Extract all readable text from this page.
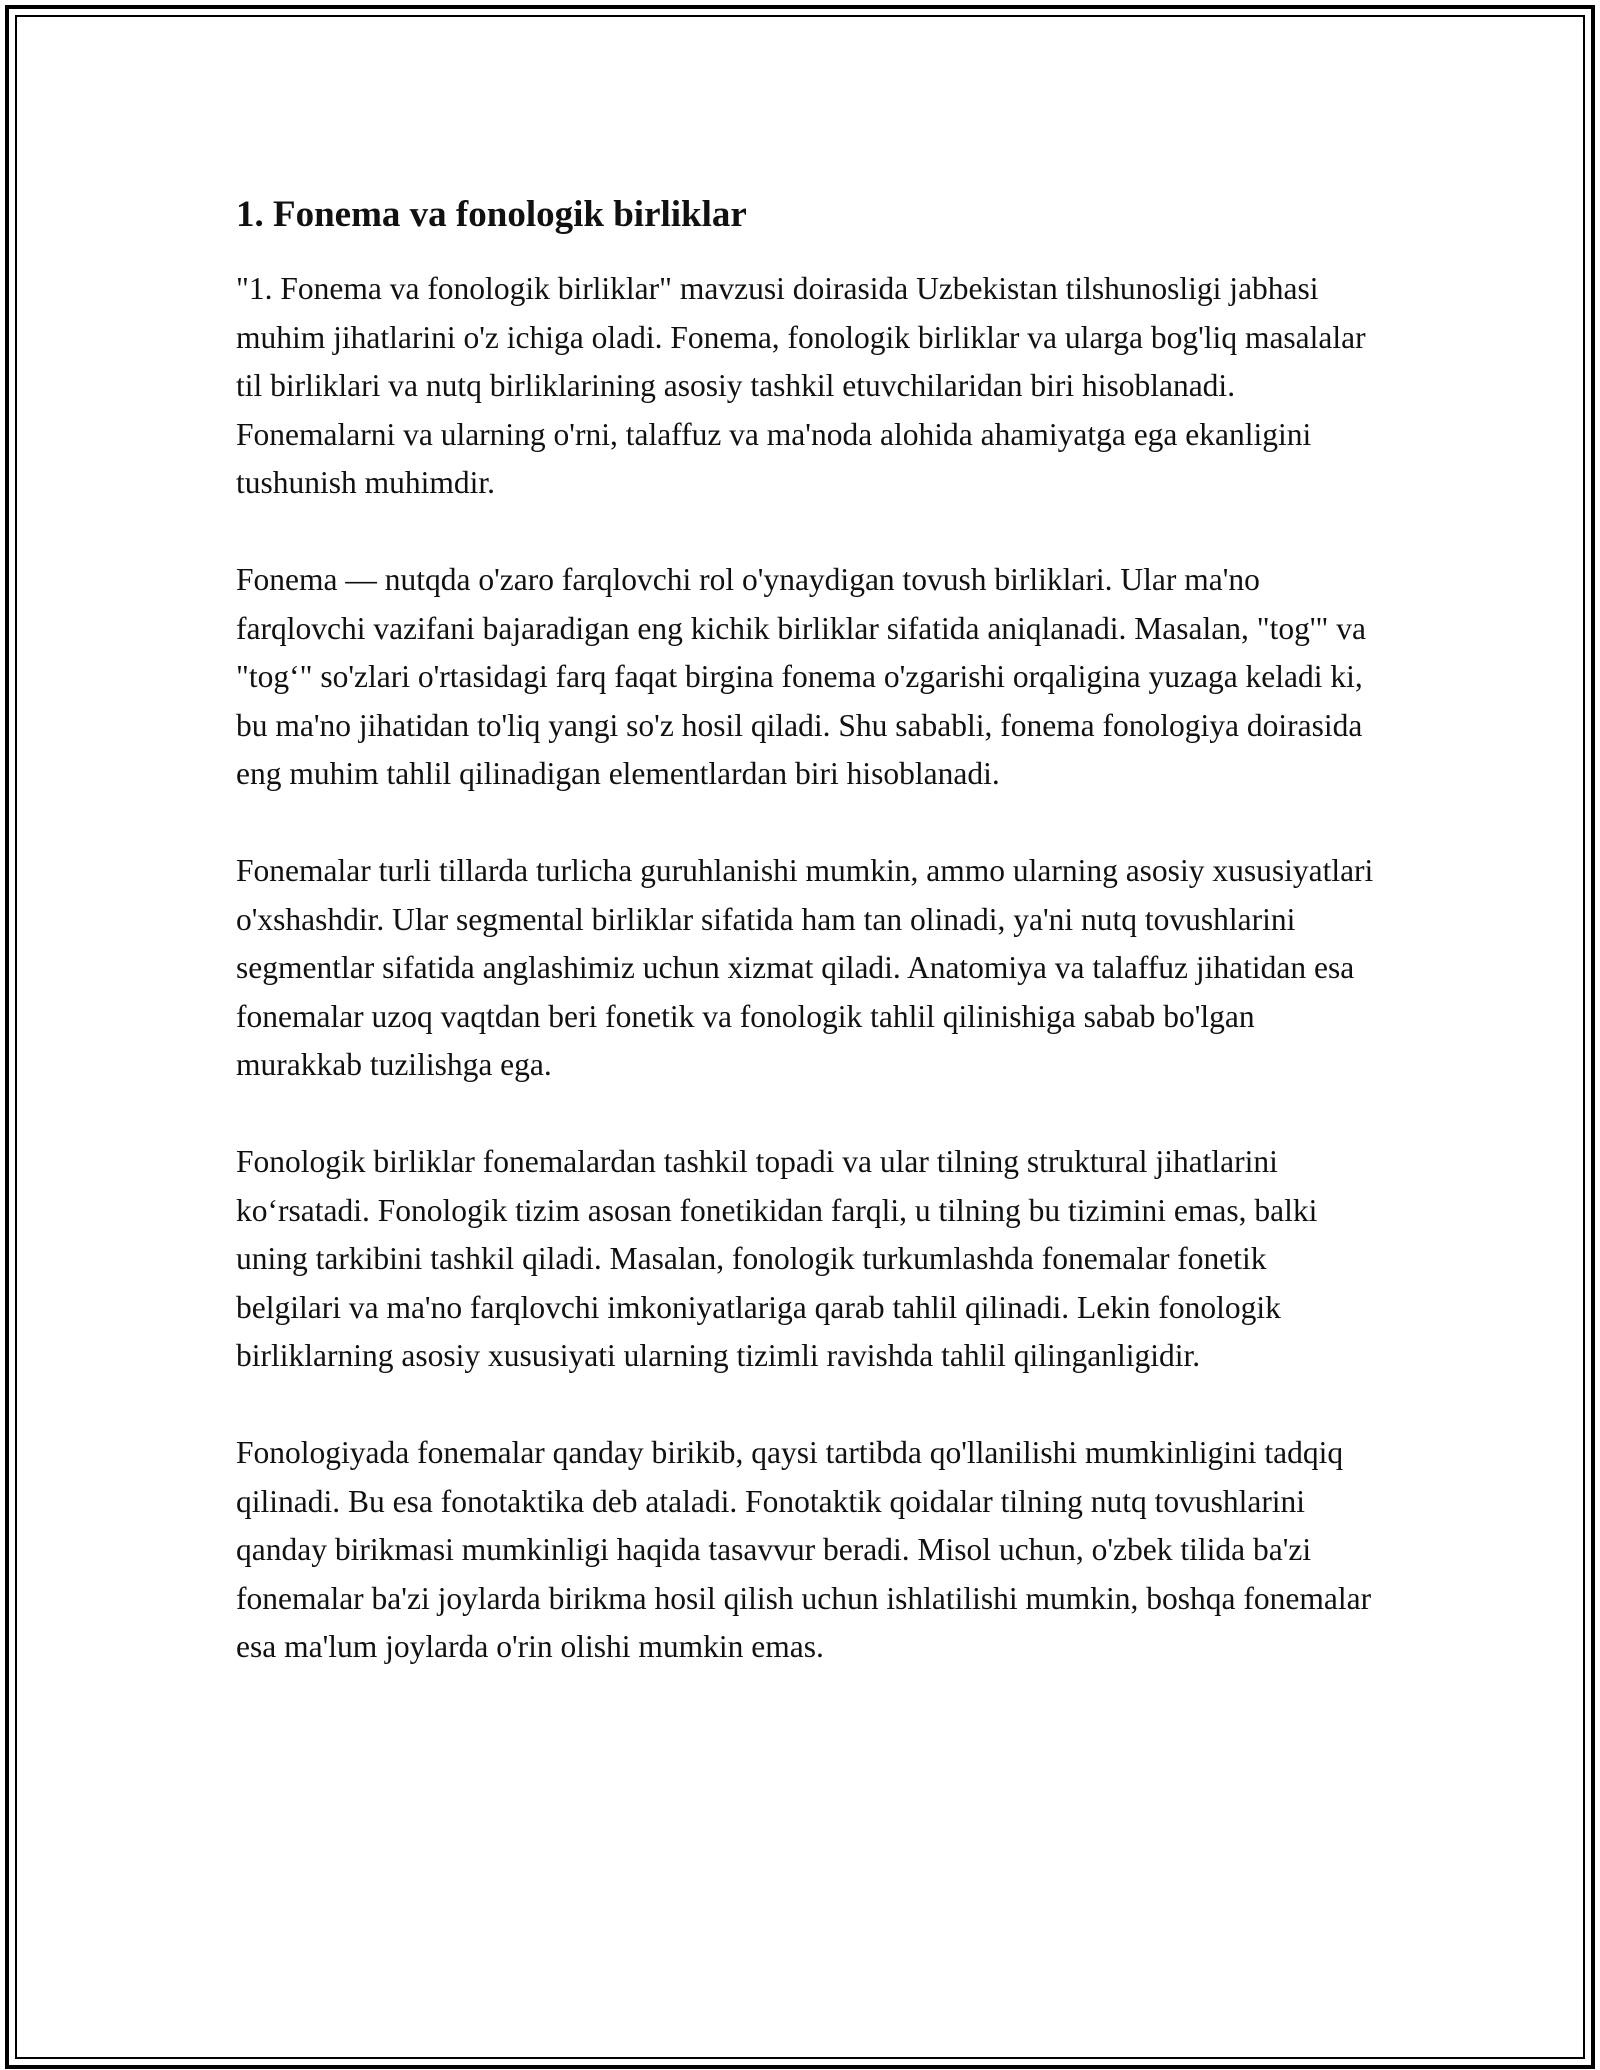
1. Fonema va fonologik birliklar

"1. Fonema va fonologik birliklar" mavzusi doirasida Uzbekistan tilshunosligi jabhasi muhim jihatlarini o'z ichiga oladi. Fonema, fonologik birliklar va ularga bog'liq masalalar til birliklari va nutq birliklarining asosiy tashkil etuvchilaridan biri hisoblanadi. Fonemalarni va ularning o'rni, talaffuz va ma'noda alohida ahamiyatga ega ekanligini tushunish muhimdir.

Fonema — nutqda o'zaro farqlovchi rol o'ynaydigan tovush birliklari. Ular ma'no farqlovchi vazifani bajaradigan eng kichik birliklar sifatida aniqlanadi. Masalan, "tog'" va "tog‘" so'zlari o'rtasidagi farq faqat birgina fonema o'zgarishi orqaligina yuzaga keladi ki, bu ma'no jihatidan to'liq yangi so'z hosil qiladi. Shu sababli, fonema fonologiya doirasida eng muhim tahlil qilinadigan elementlardan biri hisoblanadi.

Fonemalar turli tillarda turlicha guruhlanishi mumkin, ammo ularning asosiy xususiyatlari o'xshashdir. Ular segmental birliklar sifatida ham tan olinadi, ya'ni nutq tovushlarini segmentlar sifatida anglashimiz uchun xizmat qiladi. Anatomiya va talaffuz jihatidan esa fonemalar uzoq vaqtdan beri fonetik va fonologik tahlil qilinishiga sabab bo'lgan murakkab tuzilishga ega.

Fonologik birliklar fonemalardan tashkil topadi va ular tilning struktural jihatlarini ko‘rsatadi. Fonologik tizim asosan fonetikidan farqli, u tilning bu tizimini emas, balki uning tarkibini tashkil qiladi. Masalan, fonologik turkumlashda fonemalar fonetik belgilari va ma'no farqlovchi imkoniyatlariga qarab tahlil qilinadi. Lekin fonologik birliklarning asosiy xususiyati ularning tizimli ravishda tahlil qilinganligidir.

Fonologiyada fonemalar qanday birikib, qaysi tartibda qo'llanilishi mumkinligini tadqiq qilinadi. Bu esa fonotaktika deb ataladi. Fonotaktik qoidalar tilning nutq tovushlarini qanday birikmasi mumkinligi haqida tasavvur beradi. Misol uchun, o'zbek tilida ba'zi fonemalar ba'zi joylarda birikma hosil qilish uchun ishlatilishi mumkin, boshqa fonemalar esa ma'lum joylarda o'rin olishi mumkin emas.
